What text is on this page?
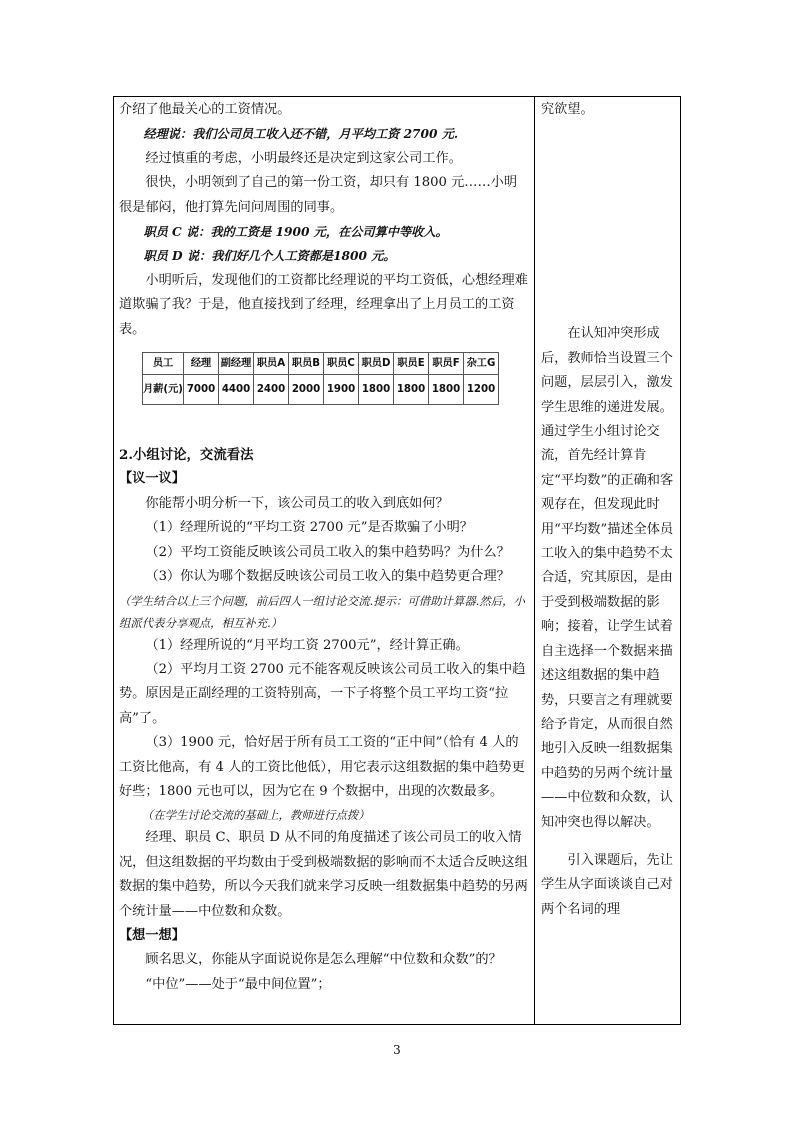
介绍了他最关心的工资情况。

经理说：我们公司员工收入还不错，月平均工资 2700 元.

经过慎重的考虑，小明最终还是决定到这家公司工作。

很快，小明领到了自己的第一份工资，却只有 1800 元……小明很是郁闷，他打算先问问周围的同事。

职员 C 说：我的工资是 1900 元，在公司算中等收入。

职员 D 说：我们好几个人工资都是1800 元。

小明听后，发现他们的工资都比经理说的平均工资低，心想经理难道欺骗了我？于是，他直接找到了经理，经理拿出了上月员工的工资表。

员工	经理	副经理	职员A	职员B	职员C	职员D	职员E	职员F	杂工G
月薪(元)	7000	4400	2400	2000	1900	1800	1800	1800	1200

2.小组讨论，交流看法

【议一议】

你能帮小明分析一下，该公司员工的收入到底如何？

（1）经理所说的“平均工资 2700 元”是否欺骗了小明？

（2）平均工资能反映该公司员工收入的集中趋势吗？为什么？

（3）你认为哪个数据反映该公司员工收入的集中趋势更合理？

（学生结合以上三个问题，前后四人一组讨论交流.提示：可借助计算器.然后，小组派代表分享观点，相互补充.）

（1）经理所说的“月平均工资 2700元”，经计算正确。

（2）平均月工资 2700 元不能客观反映该公司员工收入的集中趋势。原因是正副经理的工资特别高，一下子将整个员工平均工资“拉高”了。

（3）1900 元，恰好居于所有员工工资的“正中间”（恰有 4 人的工资比他高，有 4 人的工资比他低），用它表示这组数据的集中趋势更好些；1800 元也可以，因为它在 9 个数据中，出现的次数最多。

（在学生讨论交流的基础上，教师进行点拨）

经理、职员 C、职员 D 从不同的角度描述了该公司员工的收入情况，但这组数据的平均数由于受到极端数据的影响而不太适合反映这组数据的集中趋势，所以今天我们就来学习反映一组数据集中趋势的另两个统计量——中位数和众数。

【想一想】

顾名思义，你能从字面说说你是怎么理解“中位数和众数”的？

“中位”——处于“最中间位置”；

究欲望。

在认知冲突形成后，教师恰当设置三个问题，层层引入，激发学生思维的递进发展。通过学生小组讨论交流，首先经计算肯定“平均数”的正确和客观存在，但发现此时用“平均数”描述全体员工收入的集中趋势不太合适，究其原因，是由于受到极端数据的影响；接着，让学生试着自主选择一个数据来描述这组数据的集中趋势，只要言之有理就要给予肯定，从而很自然地引入反映一组数据集中趋势的另两个统计量——中位数和众数，认知冲突也得以解决。

引入课题后，先让学生从字面谈谈自己对两个名词的理

3
